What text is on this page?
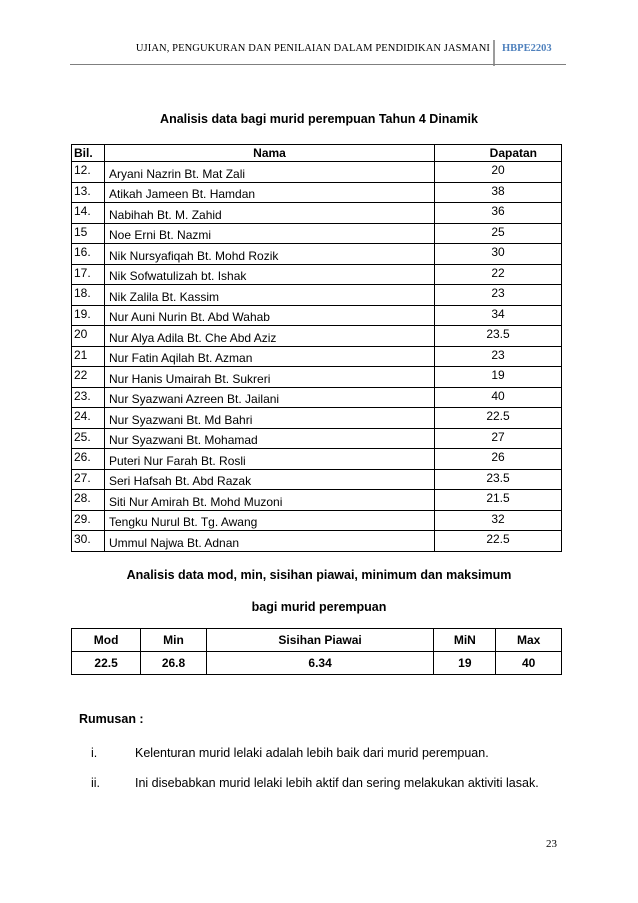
UJIAN, PENGUKURAN DAN PENILAIAN DALAM PENDIDIKAN JASMANI HBPE2203
Analisis data bagi murid perempuan Tahun 4 Dinamik
Bil.	Nama	Dapatan
12.	Aryani Nazrin Bt. Mat Zali	20
13.	Atikah Jameen Bt. Hamdan	38
14.	Nabihah Bt. M. Zahid	36
15	Noe Erni Bt. Nazmi	25
16.	Nik Nursyafiqah Bt. Mohd Rozik	30
17.	Nik Sofwatulizah bt. Ishak	22
18.	Nik Zalila Bt. Kassim	23
19.	Nur Auni Nurin Bt. Abd Wahab	34
20	Nur Alya Adila Bt. Che Abd Aziz	23.5
21	Nur Fatin Aqilah Bt. Azman	23
22	Nur Hanis Umairah Bt. Sukreri	19
23.	Nur Syazwani Azreen Bt. Jailani	40
24.	Nur Syazwani Bt. Md Bahri	22.5
25.	Nur Syazwani Bt. Mohamad	27
26.	Puteri Nur Farah Bt. Rosli	26
27.	Seri Hafsah Bt. Abd Razak	23.5
28.	Siti Nur Amirah Bt. Mohd Muzoni	21.5
29.	Tengku Nurul Bt. Tg. Awang	32
30.	Ummul Najwa Bt. Adnan	22.5
Analisis data mod, min, sisihan piawai, minimum dan maksimum
bagi murid perempuan
Mod	Min	Sisihan Piawai	MiN	Max
22.5	26.8	6.34	19	40
Rumusan :
i.	Kelenturan murid lelaki adalah lebih baik dari murid perempuan.
ii.	Ini disebabkan murid lelaki lebih aktif dan sering melakukan aktiviti lasak.
23
